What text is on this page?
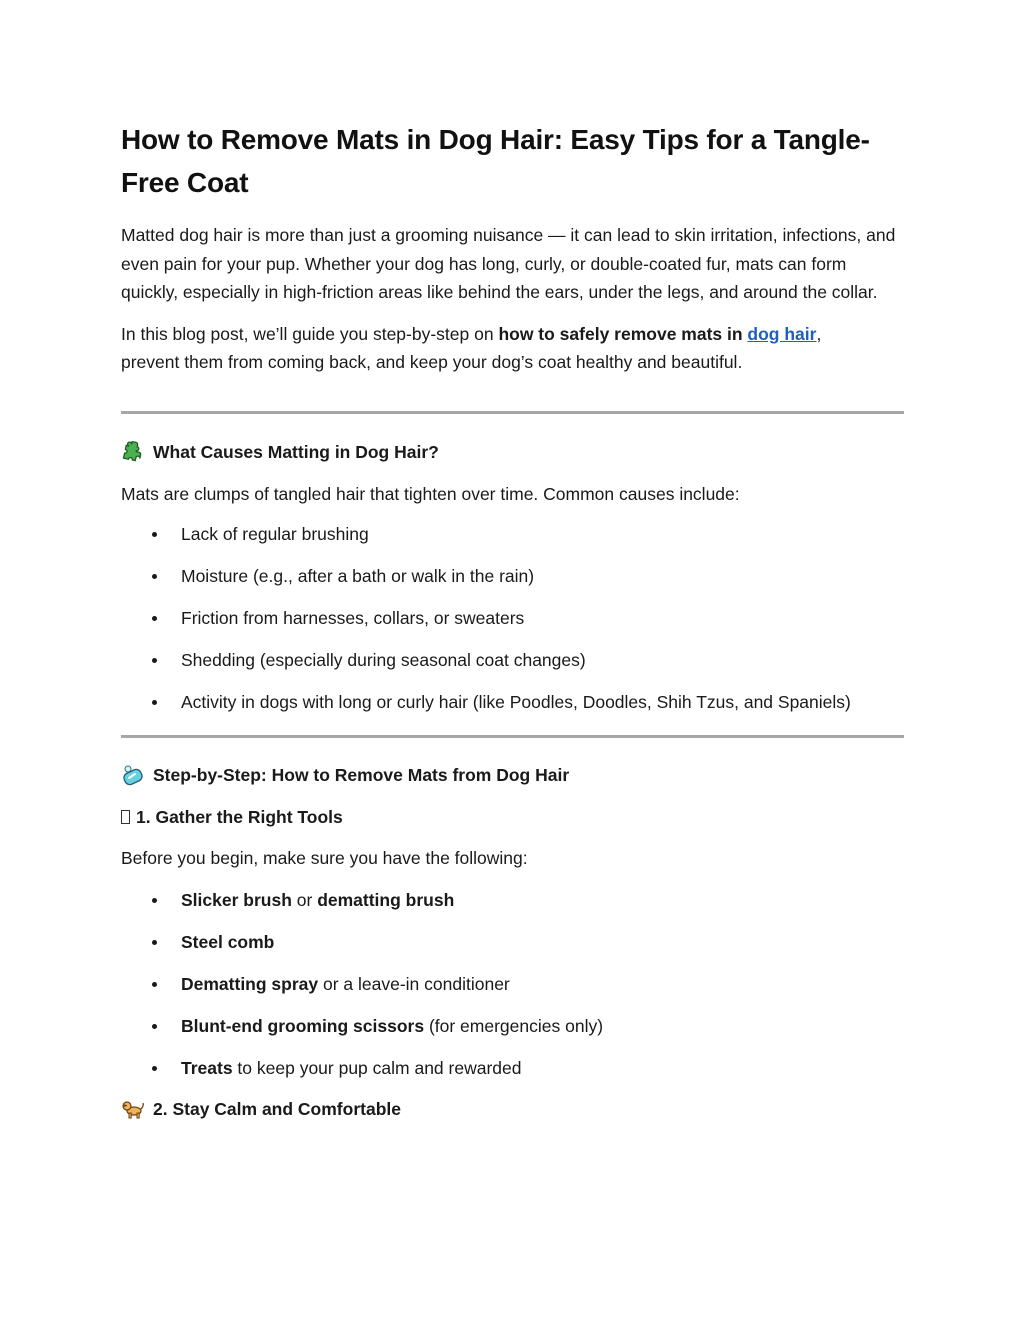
How to Remove Mats in Dog Hair: Easy Tips for a Tangle-Free Coat

Matted dog hair is more than just a grooming nuisance — it can lead to skin irritation, infections, and even pain for your pup. Whether your dog has long, curly, or double-coated fur, mats can form quickly, especially in high-friction areas like behind the ears, under the legs, and around the collar.

In this blog post, we’ll guide you step-by-step on how to safely remove mats in dog hair,
prevent them from coming back, and keep your dog’s coat healthy and beautiful.

What Causes Matting in Dog Hair?

Mats are clumps of tangled hair that tighten over time. Common causes include:

Lack of regular brushing
Moisture (e.g., after a bath or walk in the rain)
Friction from harnesses, collars, or sweaters
Shedding (especially during seasonal coat changes)
Activity in dogs with long or curly hair (like Poodles, Doodles, Shih Tzus, and Spaniels)
Step-by-Step: How to Remove Mats from Dog Hair
1. Gather the Right Tools

Before you begin, make sure you have the following:

Slicker brush or dematting brush
Steel comb
Dematting spray or a leave-in conditioner
Blunt-end grooming scissors (for emergencies only)
Treats to keep your pup calm and rewarded
2. Stay Calm and Comfortable
